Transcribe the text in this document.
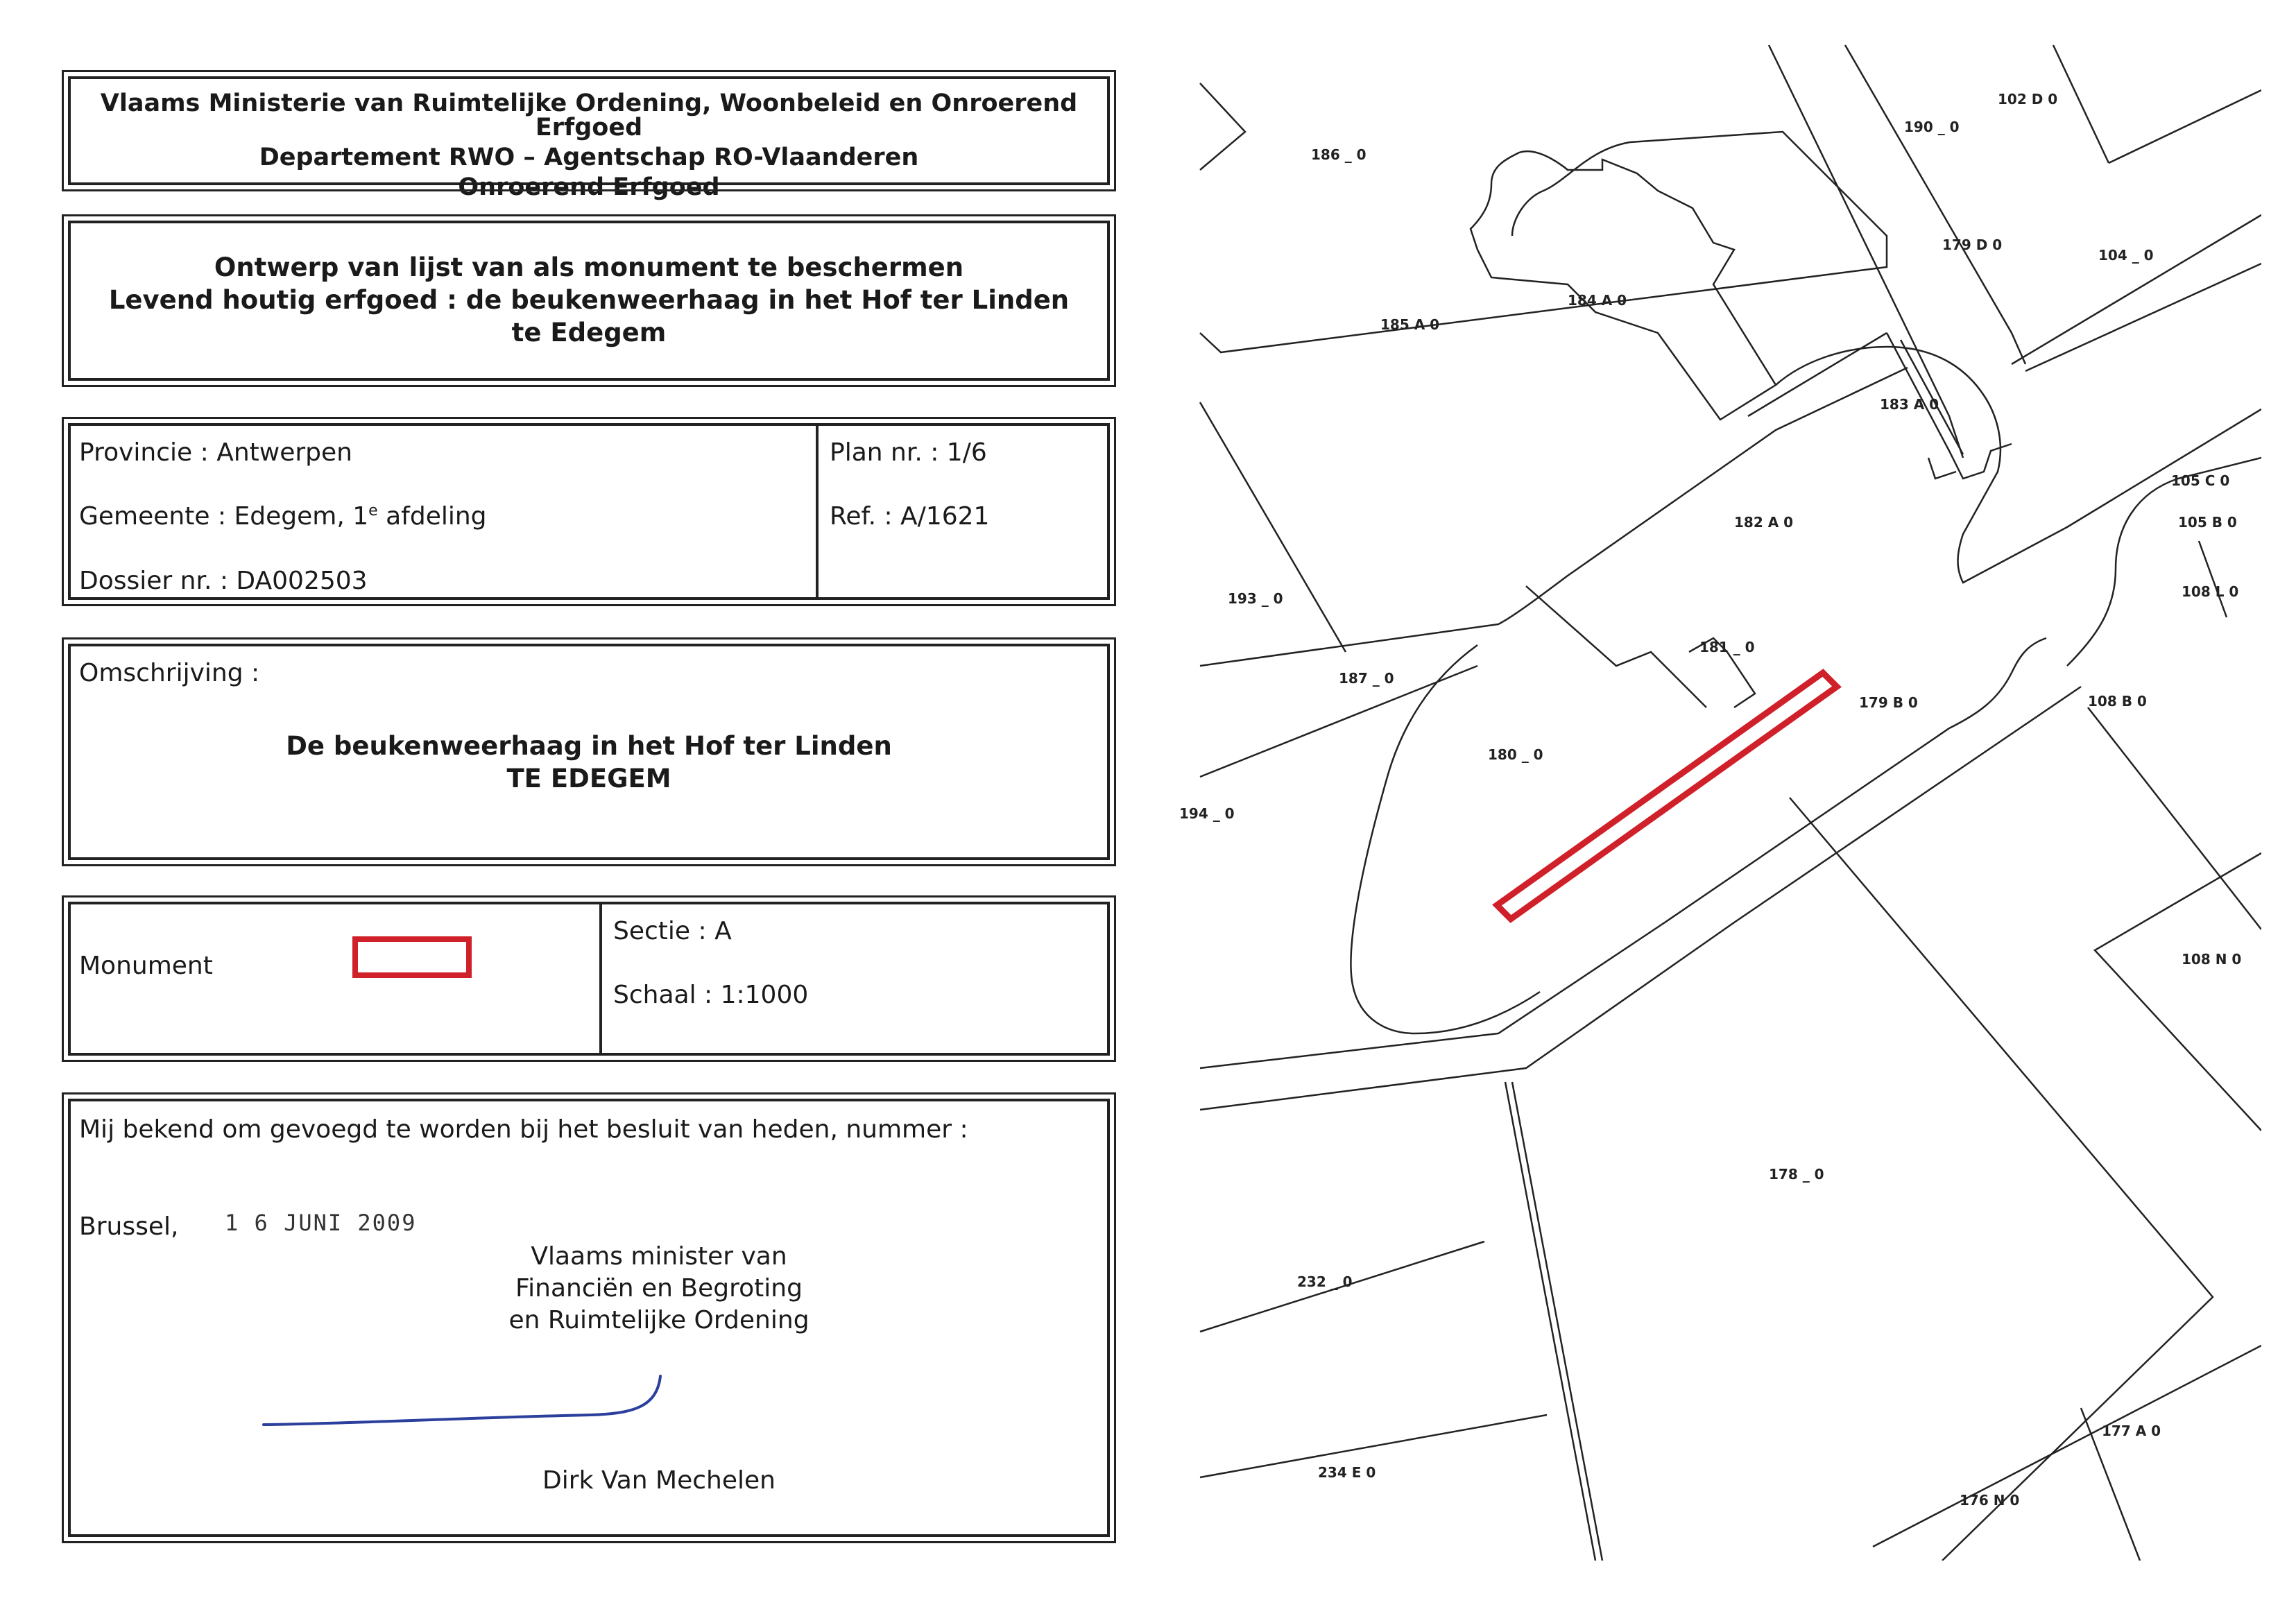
Vlaams Ministerie van Ruimtelijke Ordening, Woonbeleid en Onroerend Erfgoed
Departement RWO – Agentschap RO-Vlaanderen
Onroerend Erfgoed
Ontwerp van lijst van als monument te beschermen
Levend houtig erfgoed : de beukenweerhaag in het Hof ter Linden
te Edegem
Provincie : Antwerpen
Gemeente : Edegem, 1e afdeling
Dossier nr. : DA002503
Plan nr. : 1/6
Ref. : A/1621
Omschrijving :
De beukenweerhaag in het Hof ter Linden
TE EDEGEM
Monument
Sectie : A
Schaal : 1:1000
Mij bekend om gevoegd te worden bij het besluit van heden, nummer :
Brussel, 1 6 JUNI 2009
Vlaams minister van
Financiën en Begroting
en Ruimtelijke Ordening
Dirk Van Mechelen
186 _ 0
190 _ 0
102 D 0
179 D 0
104 _ 0
184 A 0
185 A 0
183 A 0
105 C 0
105 B 0
182 A 0
193 _ 0	108 L 0
181 _ 0
187 _ 0
179 B 0	108 B 0
180 _ 0
194 _ 0
108 N 0
178 _ 0
232 _ 0
177 A 0
234 E 0
176 N 0
